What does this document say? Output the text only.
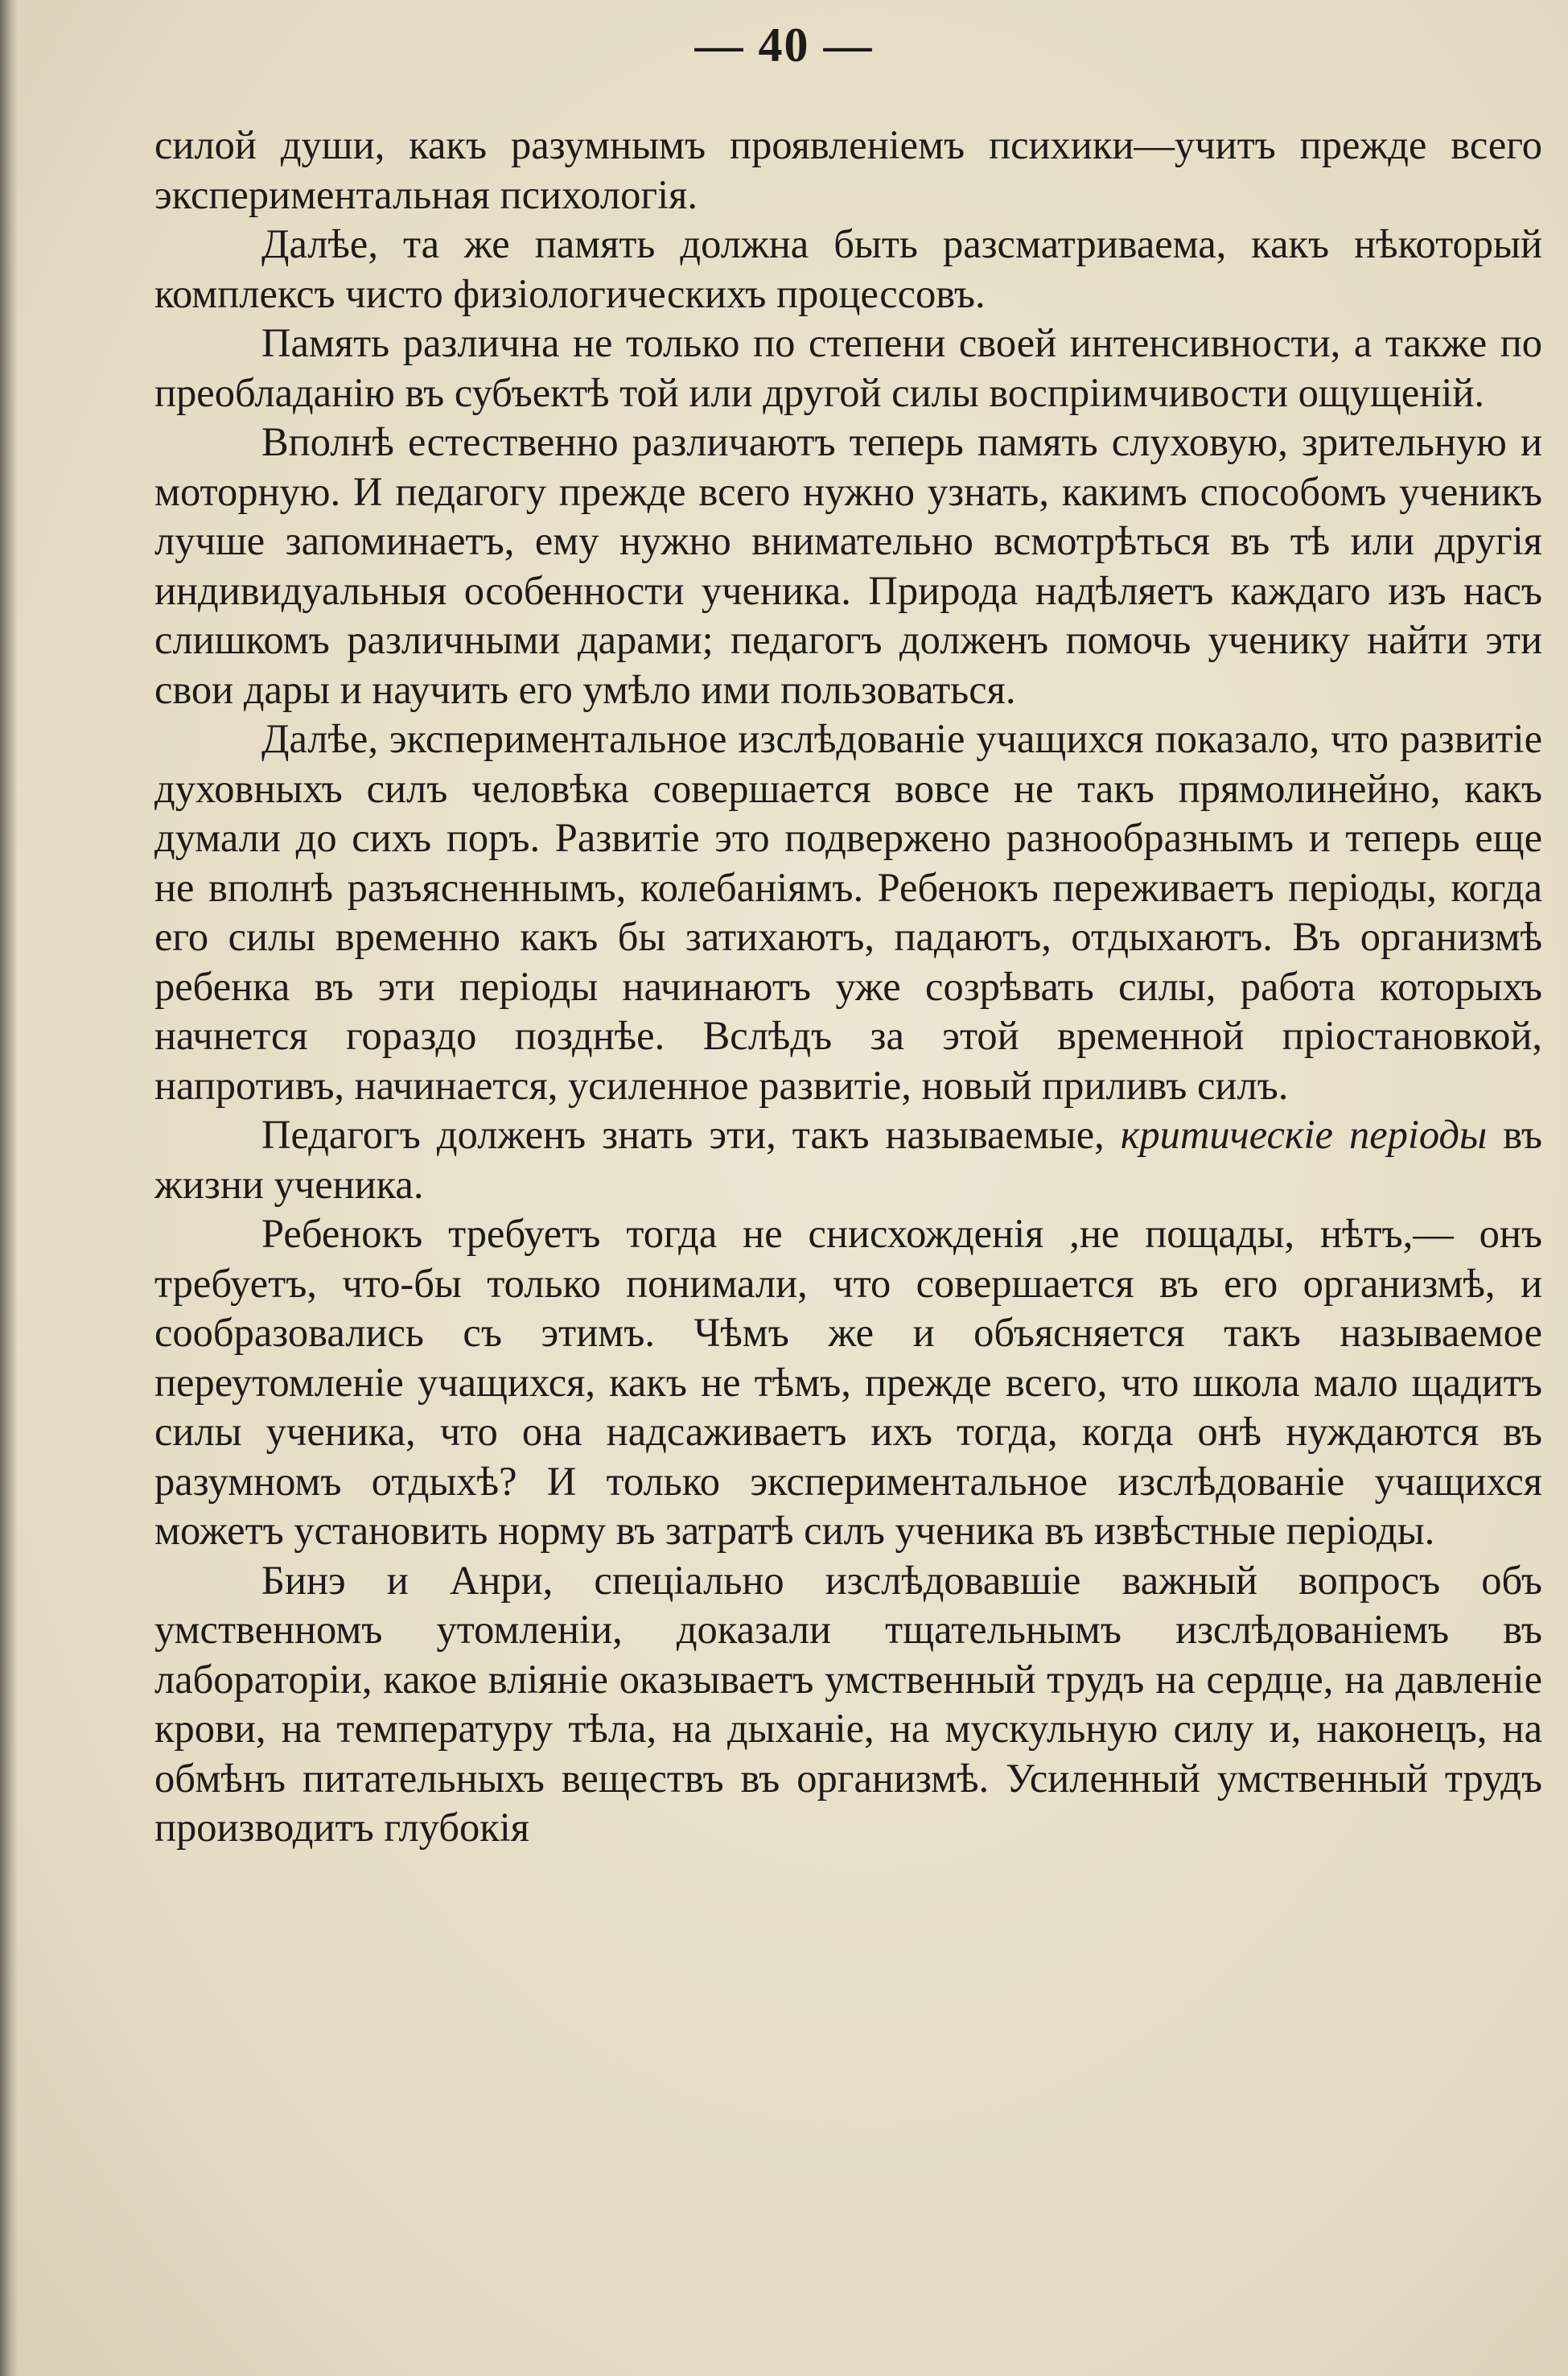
— 40 —

силой души, какъ разумнымъ проявленіемъ психики—учитъ прежде всего экспериментальная психологія.

Далѣе, та же память должна быть разсматриваема, какъ нѣкоторый комплексъ чисто физiологическихъ процессовъ.

Память различна не только по степени своей интенсивности, а также по преобладанію въ субъектѣ той или другой силы воспріимчивости ощущеній.

Вполнѣ естественно различаютъ теперь память слуховую, зрительную и моторную. И педагогу прежде всего нужно узнать, какимъ способомъ ученикъ лучше запоминаетъ, ему нужно внимательно всмотрѣться въ тѣ или другія индивидуальныя особенности ученика. Природа надѣляетъ каждаго изъ насъ слишкомъ различными дарами; педагогъ долженъ помочь ученику найти эти свои дары и научить его умѣло ими пользоваться.

Далѣе, экспериментальное изслѣдованіе учащихся показало, что развитіе духовныхъ силъ человѣка совершается вовсе не такъ прямолинейно, какъ думали до сихъ поръ. Развитіе это подвержено разнообразнымъ и теперь еще не вполнѣ разъясненнымъ, колебаніямъ. Ребенокъ переживаетъ періоды, когда его силы временно какъ бы затихаютъ, падаютъ, отдыхаютъ. Въ организмѣ ребенка въ эти періоды начинаютъ уже созрѣвать силы, работа которыхъ начнется гораздо позднѣе. Вслѣдъ за этой временной пріостановкой, напротивъ, начинается, усиленное развитіе, новый приливъ силъ.

Педагогъ долженъ знать эти, такъ называемые, критическіе періоды въ жизни ученика.

Ребенокъ требуетъ тогда не снисхожденія ,не пощады, нѣтъ,— онъ требуетъ, что-бы только понимали, что совершается въ его организмѣ, и сообразовались съ этимъ. Чѣмъ же и объясняется такъ называемое переутомленіе учащихся, какъ не тѣмъ, прежде всего, что школа мало щадитъ силы ученика, что она надсаживаетъ ихъ тогда, когда онѣ нуждаются въ разумномъ отдыхѣ? И только экспериментальное изслѣдованіе учащихся можетъ установить норму въ затратѣ силъ ученика въ извѣстные періоды.

Бинэ и Анри, спеціально изслѣдовавшіе важный вопросъ объ умственномъ утомленіи, доказали тщательнымъ изслѣдованіемъ въ лабораторіи, какое вліяніе оказываетъ умственный трудъ на сердце, на давленіе крови, на температуру тѣла, на дыханіе, на мускульную силу и, наконецъ, на обмѣнъ питательныхъ веществъ въ организмѣ. Усиленный умственный трудъ производитъ глубокія
